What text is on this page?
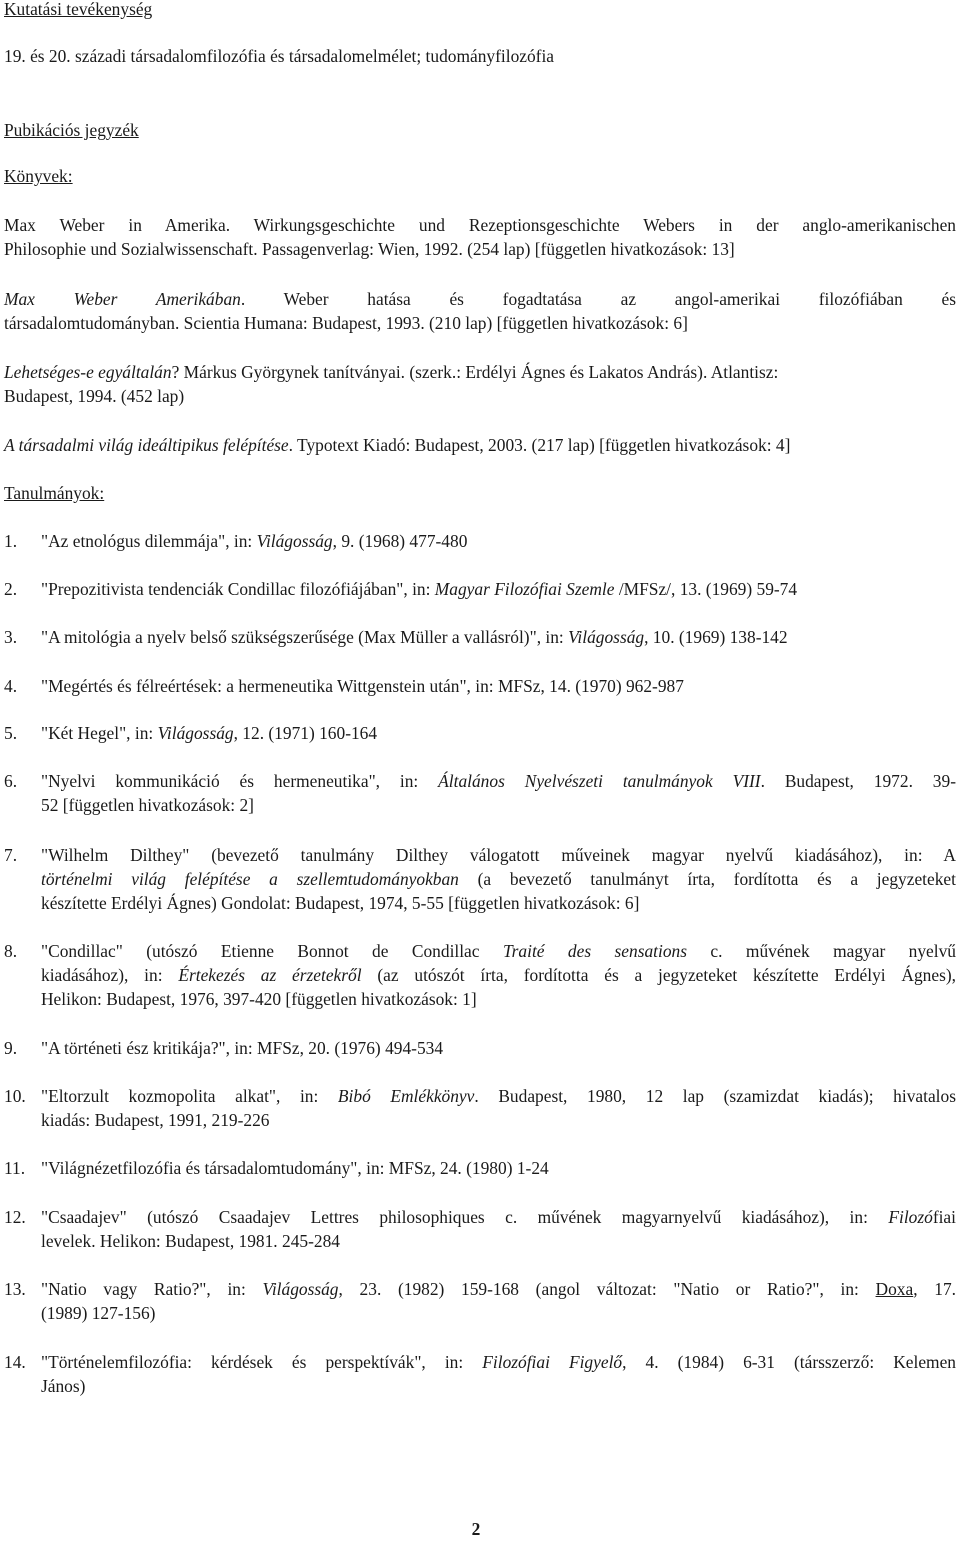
Kutatási tevékenység
19. és 20. századi társadalomfilozófia és társadalomelmélet; tudományfilozófia
Pubikációs jegyzék
Könyvek:
Max Weber in Amerika. Wirkungsgeschichte und Rezeptionsgeschichte Webers in der anglo-amerikanischen
Philosophie und Sozialwissenschaft. Passagenverlag: Wien, 1992. (254 lap) [független hivatkozások: 13]
Max Weber Amerikában. Weber hatása és fogadtatása az angol-amerikai filozófiában és
társadalomtudományban. Scientia Humana: Budapest, 1993. (210 lap) [független hivatkozások: 6]
Lehetséges-e egyáltalán? Márkus Györgynek tanítványai. (szerk.: Erdélyi Ágnes és Lakatos András). Atlantisz:
Budapest, 1994. (452 lap)
A társadalmi világ ideáltipikus felépítése. Typotext Kiadó: Budapest, 2003. (217 lap) [független hivatkozások: 4]
Tanulmányok:
1. "Az etnológus dilemmája", in: Világosság, 9. (1968) 477-480
2. "Prepozitivista tendenciák Condillac filozófiájában", in: Magyar Filozófiai Szemle /MFSz/, 13. (1969) 59-74
3. "A mitológia a nyelv belső szükségszerűsége (Max Müller a vallásról)", in: Világosság, 10. (1969) 138-142
4. "Megértés és félreértések: a hermeneutika Wittgenstein után", in: MFSz, 14. (1970) 962-987
5. "Két Hegel", in: Világosság, 12. (1971) 160-164
6. "Nyelvi kommunikáció és hermeneutika", in: Általános Nyelvészeti tanulmányok VIII. Budapest, 1972. 39-
52 [független hivatkozások: 2]
7. "Wilhelm Dilthey" (bevezető tanulmány Dilthey válogatott műveinek magyar nyelvű kiadásához), in: A
történelmi világ felépítése a szellemtudományokban (a bevezető tanulmányt írta, fordította és a jegyzeteket
készítette Erdélyi Ágnes) Gondolat: Budapest, 1974, 5-55 [független hivatkozások: 6]
8. "Condillac" (utószó Etienne Bonnot de Condillac Traité des sensations c. művének magyar nyelvű
kiadásához), in: Értekezés az érzetekről (az utószót írta, fordította és a jegyzeteket készítette Erdélyi Ágnes),
Helikon: Budapest, 1976, 397-420 [független hivatkozások: 1]
9. "A történeti ész kritikája?", in: MFSz, 20. (1976) 494-534
10. "Eltorzult kozmopolita alkat", in: Bibó Emlékkönyv. Budapest, 1980, 12 lap (szamizdat kiadás); hivatalos
kiadás: Budapest, 1991, 219-226
11. "Világnézetfilozófia és társadalomtudomány", in: MFSz, 24. (1980) 1-24
12. "Csaadajev" (utószó Csaadajev Lettres philosophiques c. művének magyarnyelvű kiadásához), in: Filozófiai
levelek. Helikon: Budapest, 1981. 245-284
13. "Natio vagy Ratio?", in: Világosság, 23. (1982) 159-168 (angol változat: "Natio or Ratio?", in: Doxa, 17.
(1989) 127-156)
14. "Történelemfilozófia: kérdések és perspektívák", in: Filozófiai Figyelő, 4. (1984) 6-31 (társszerző: Kelemen
János)
2
